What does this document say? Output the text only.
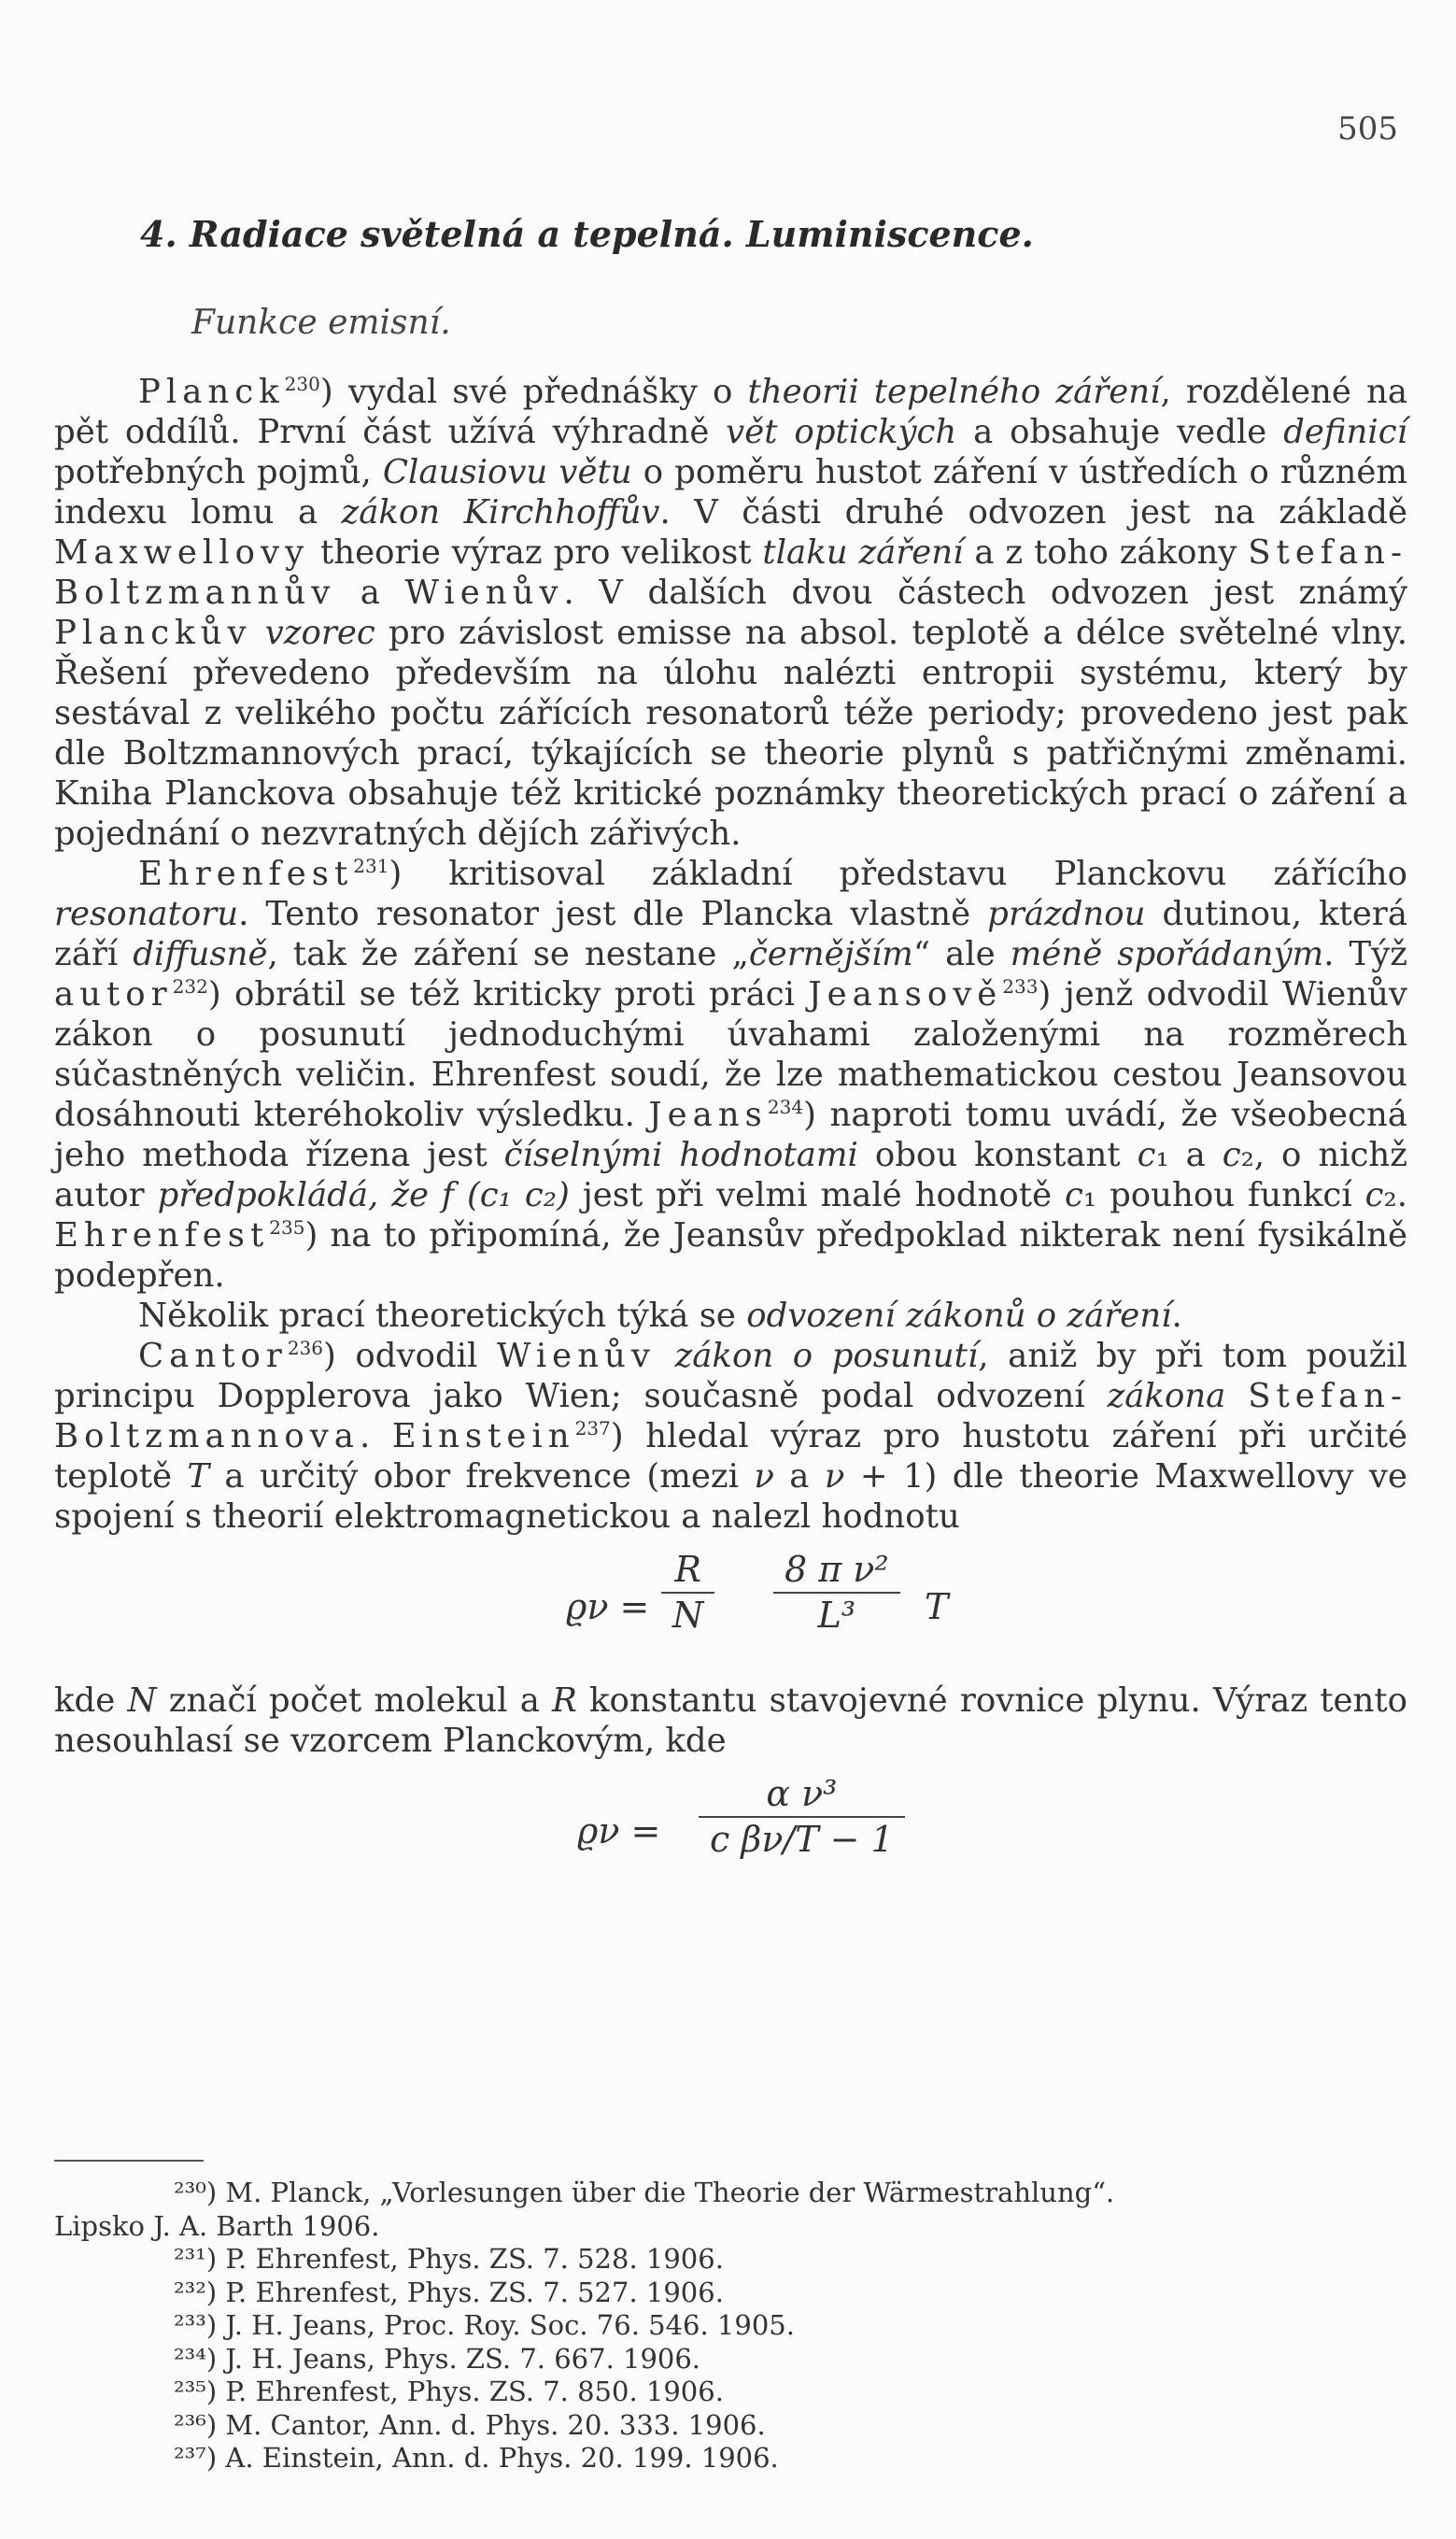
505
4. Radiace světelná a tepelná. Luminiscence.
Funkce emisní.

Planck$^{230}$) vydal své přednášky o theorii tepelného záření, rozdělené na pět oddílů. První část užívá výhradně vět optických a obsahuje vedle definicí potřebných pojmů, Clausiovu větu o poměru hustot záření v ústředích o různém indexu lomu a zákon Kirchhoffův. V části druhé odvozen jest na základě Maxwellovy theorie výraz pro velikost tlaku záření a z toho zákony Stefan-Boltzmannův a Wienův. V dalších dvou částech odvozen jest známý Planckův vzorec pro závislost emisse na absol. teplotě a délce světelné vlny. Řešení převedeno především na úlohu nalézti entropii systému, který by sestával z velikého počtu zářících resonatorů téže periody; provedeno jest pak dle Boltzmannových prací, týkajících se theorie plynů s patřičnými změnami. Kniha Planckova obsahuje též kritické poznámky theoretických prací o záření a pojednání o nezvratných dějích zářivých.

Ehrenfest$^{231}$) kritisoval základní představu Planckovu zářícího resonatoru. Tento resonator jest dle Plancka vlastně prázdnou dutinou, která září diffusně, tak že záření se nestane „černějším“ ale méně spořádaným. Týž autor$^{232}$) obrátil se též kriticky proti práci Jeansově$^{233}$) jenž odvodil Wienův zákon o posunutí jednoduchými úvahami založenými na rozměrech súčastněných veličin. Ehrenfest soudí, že lze mathematickou cestou Jeansovou dosáhnouti kteréhokoliv výsledku. Jeans$^{234}$) naproti tomu uvádí, že všeobecná jeho methoda řízena jest číselnými hodnotami obou konstant c₁ a c₂, o nichž autor předpokládá, že f (c₁ c₂) jest při velmi malé hodnotě c₁ pouhou funkcí c₂. Ehrenfest$^{235}$) na to připomíná, že Jeansův předpoklad nikterak není fysikálně podepřen.

Několik prací theoretických týká se odvození zákonů o záření.

Cantor$^{236}$) odvodil Wienův zákon o posunutí, aniž by při tom použil principu Dopplerova jako Wien; současně podal odvození zákona Stefan-Boltzmannova. Einstein$^{237}$) hledal výraz pro hustotu záření při určité teplotě T a určitý obor frekvence (mezi ν a ν + 1) dle theorie Maxwellovy ve spojení s theorií elektromagnetickou a nalezl hodnotu

ϱν =
R
N
8 π ν²
L³	T

kde N značí počet molekul a R konstantu stavojevné rovnice plynu. Výraz tento nesouhlasí se vzorcem Planckovým, kde

ϱν =
α ν³
c βν/T − 1
²³⁰) M. Planck, „Vorlesungen über die Theorie der Wärmestrahlung“.
Lipsko J. A. Barth 1906.
²³¹) P. Ehrenfest, Phys. ZS. 7. 528. 1906.
²³²) P. Ehrenfest, Phys. ZS. 7. 527. 1906.
²³³) J. H. Jeans, Proc. Roy. Soc. 76. 546. 1905.
²³⁴) J. H. Jeans, Phys. ZS. 7. 667. 1906.
²³⁵) P. Ehrenfest, Phys. ZS. 7. 850. 1906.
²³⁶) M. Cantor, Ann. d. Phys. 20. 333. 1906.
²³⁷) A. Einstein, Ann. d. Phys. 20. 199. 1906.
